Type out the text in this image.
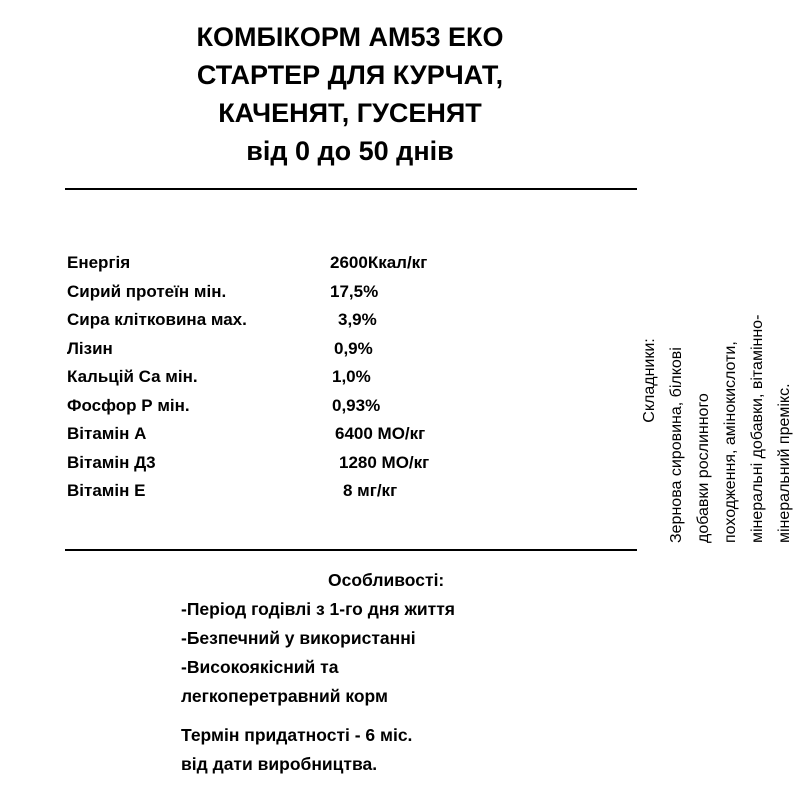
КОМБІКОРМ АМ53 ЕКО
СТАРТЕР ДЛЯ КУРЧАТ,
КАЧЕНЯТ, ГУСЕНЯТ
від 0 до 50 днів
Енергія	2600Ккал/кг
Сирий протеїн мін.	17,5%
Сира клітковина мах.	3,9%
Лізин	0,9%
Кальцій Са мін.	1,0%
Фосфор Р мін.	0,93%
Вітамін А	6400 МО/кг
Вітамін Д3	1280 МО/кг
Вітамін Е	8 мг/кг
Складники: Зернова сировина, білкові добавки рослинного походження, амінокислоти, мінеральні добавки, вітамінно- мінеральний премікс.
Особливості:
-Період годівлі з 1-го дня життя
-Безпечний у використанні
-Високоякісний та
легкоперетравний корм
Термін придатності - 6 міс.
від дати виробництва.
